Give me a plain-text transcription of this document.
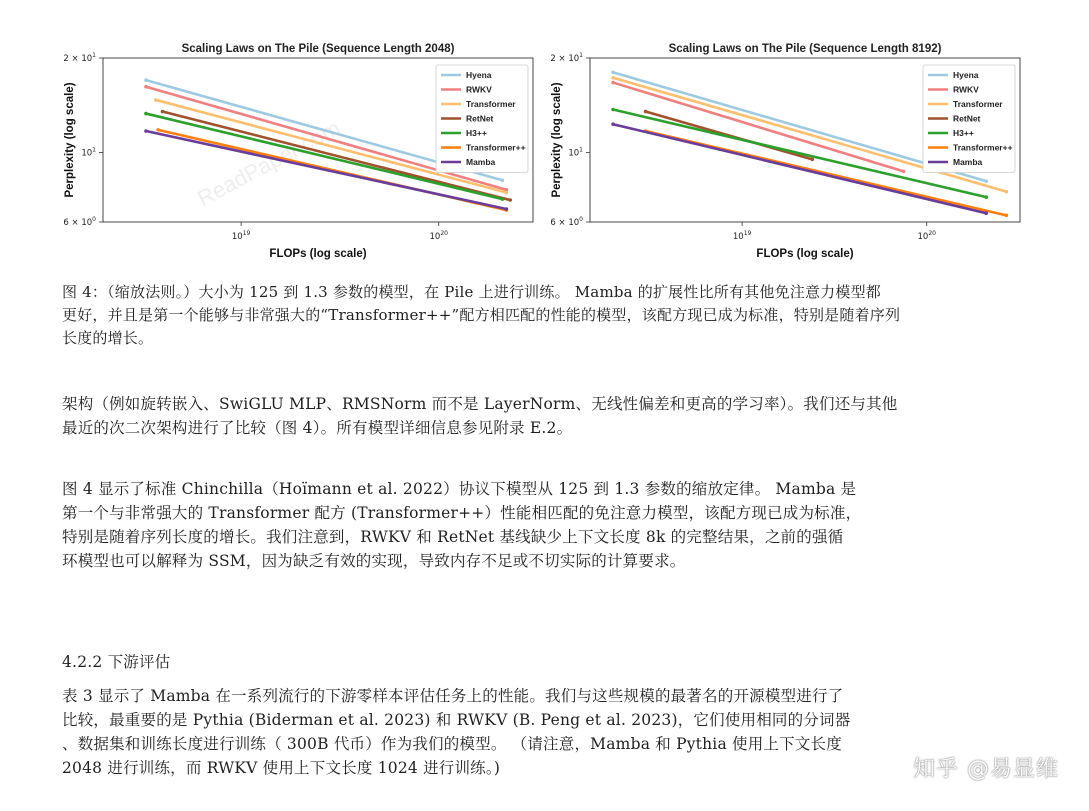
Scaling Laws on The Pile (Sequence Length 2048)
ReadPaper.com
$2 \times 10^1$
$10^1$
$6 \times 10^0$
$10^{19}$	$10^{20}$
FLOPs (log scale)
Perplexity (log scale)
Hyena
RWKV
Transformer
RetNet
H3++
Transformer++
Mamba
Scaling Laws on The Pile (Sequence Length 8192)
$2 \times 10^1$
$10^1$
$6 \times 10^0$
$10^{19}$	$10^{20}$
FLOPs (log scale)
Perplexity (log scale)
Hyena
RWKV
Transformer
RetNet
H3++
Transformer++
Mamba
图 4：（缩放法则。）大小为 125 到 1.3 参数的模型，在 Pile 上进行训练。 Mamba 的扩展性比所有其他免注意力模型都
更好，并且是第一个能够与非常强大的“Transformer++”配方相匹配的性能的模型，该配方现已成为标准，特别是随着序列
长度的增长。
架构（例如旋转嵌入、SwiGLU MLP、RMSNorm 而不是 LayerNorm、无线性偏差和更高的学习率）。我们还与其他
最近的次二次架构进行了比较（图 4）。所有模型详细信息参见附录 E.2。
图 4 显示了标准 Chinchilla（Hoïmann et al. 2022）协议下模型从 125 到 1.3 参数的缩放定律。 Mamba 是
第一个与非常强大的 Transformer 配方 (Transformer++）性能相匹配的免注意力模型，该配方现已成为标准，
特别是随着序列长度的增长。我们注意到，RWKV 和 RetNet 基线缺少上下文长度 8k 的完整结果，之前的强循
环模型也可以解释为 SSM，因为缺乏有效的实现，导致内存不足或不切实际的计算要求。
4.2.2 下游评估
表 3 显示了 Mamba 在一系列流行的下游零样本评估任务上的性能。我们与这些规模的最著名的开源模型进行了
比较，最重要的是 Pythia (Biderman et al. 2023) 和 RWKV (B. Peng et al. 2023)，它们使用相同的分词器
、数据集和训练长度进行训练（ 300B 代币）作为我们的模型。 （请注意，Mamba 和 Pythia 使用上下文长度
2048 进行训练，而 RWKV 使用上下文长度 1024 进行训练。)	知乎 @易显维
